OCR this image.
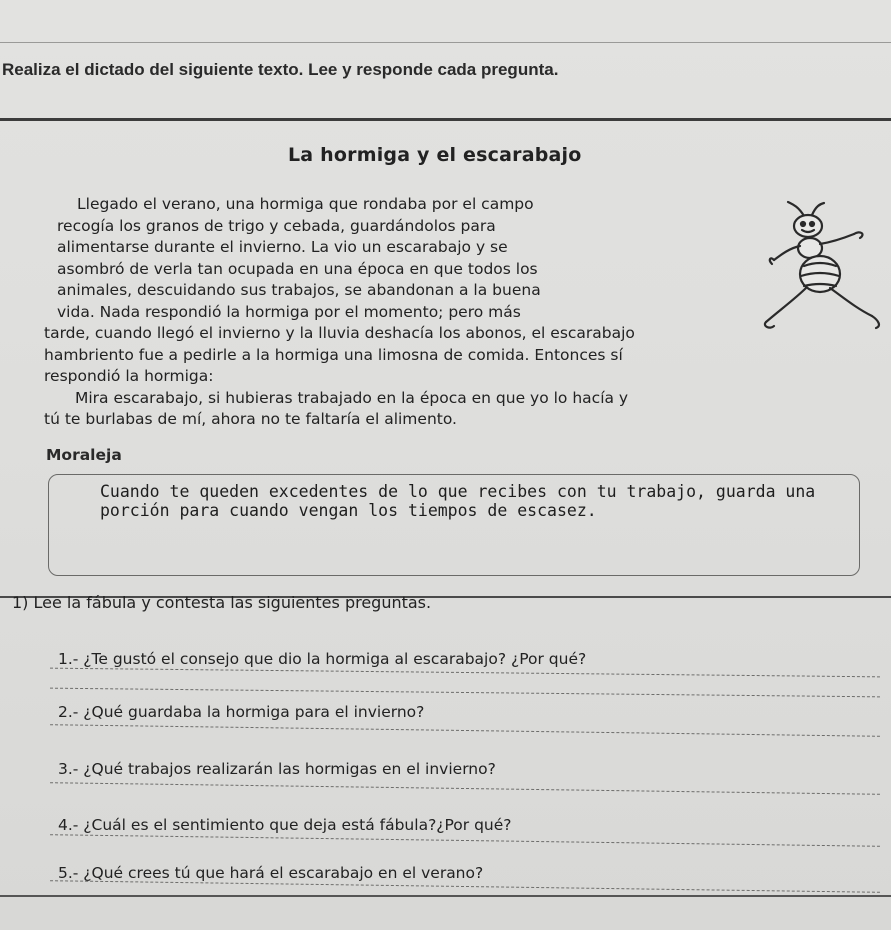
Realiza el dictado del siguiente texto. Lee y responde cada pregunta.
La hormiga y el escarabajo
Llegado el verano, una hormiga que rondaba por el campo
recogía los granos de trigo y cebada, guardándolos para
alimentarse durante el invierno. La vio un escarabajo y se
asombró de verla tan ocupada en una época en que todos los
animales, descuidando sus trabajos, se abandonan a la buena
vida. Nada respondió la hormiga por el momento; pero más
tarde, cuando llegó el invierno y la lluvia deshacía los abonos, el escarabajo
hambriento fue a pedirle a la hormiga una limosna de comida. Entonces sí
respondió la hormiga:
Mira escarabajo, si hubieras trabajado en la época en que yo lo hacía y
tú te burlabas de mí, ahora no te faltaría el alimento.
Moraleja
Cuando te queden excedentes de lo que recibes con tu trabajo, guarda una porción para cuando vengan los tiempos de escasez.
1) Lee la fábula y contesta las siguientes preguntas.
1.- ¿Te gustó el consejo que dio la hormiga al escarabajo? ¿Por qué?
2.- ¿Qué guardaba la hormiga para el invierno?
3.- ¿Qué trabajos realizarán las hormigas en el invierno?
4.- ¿Cuál es el sentimiento que deja está fábula?¿Por qué?
5.- ¿Qué crees tú que hará el escarabajo en el verano?
